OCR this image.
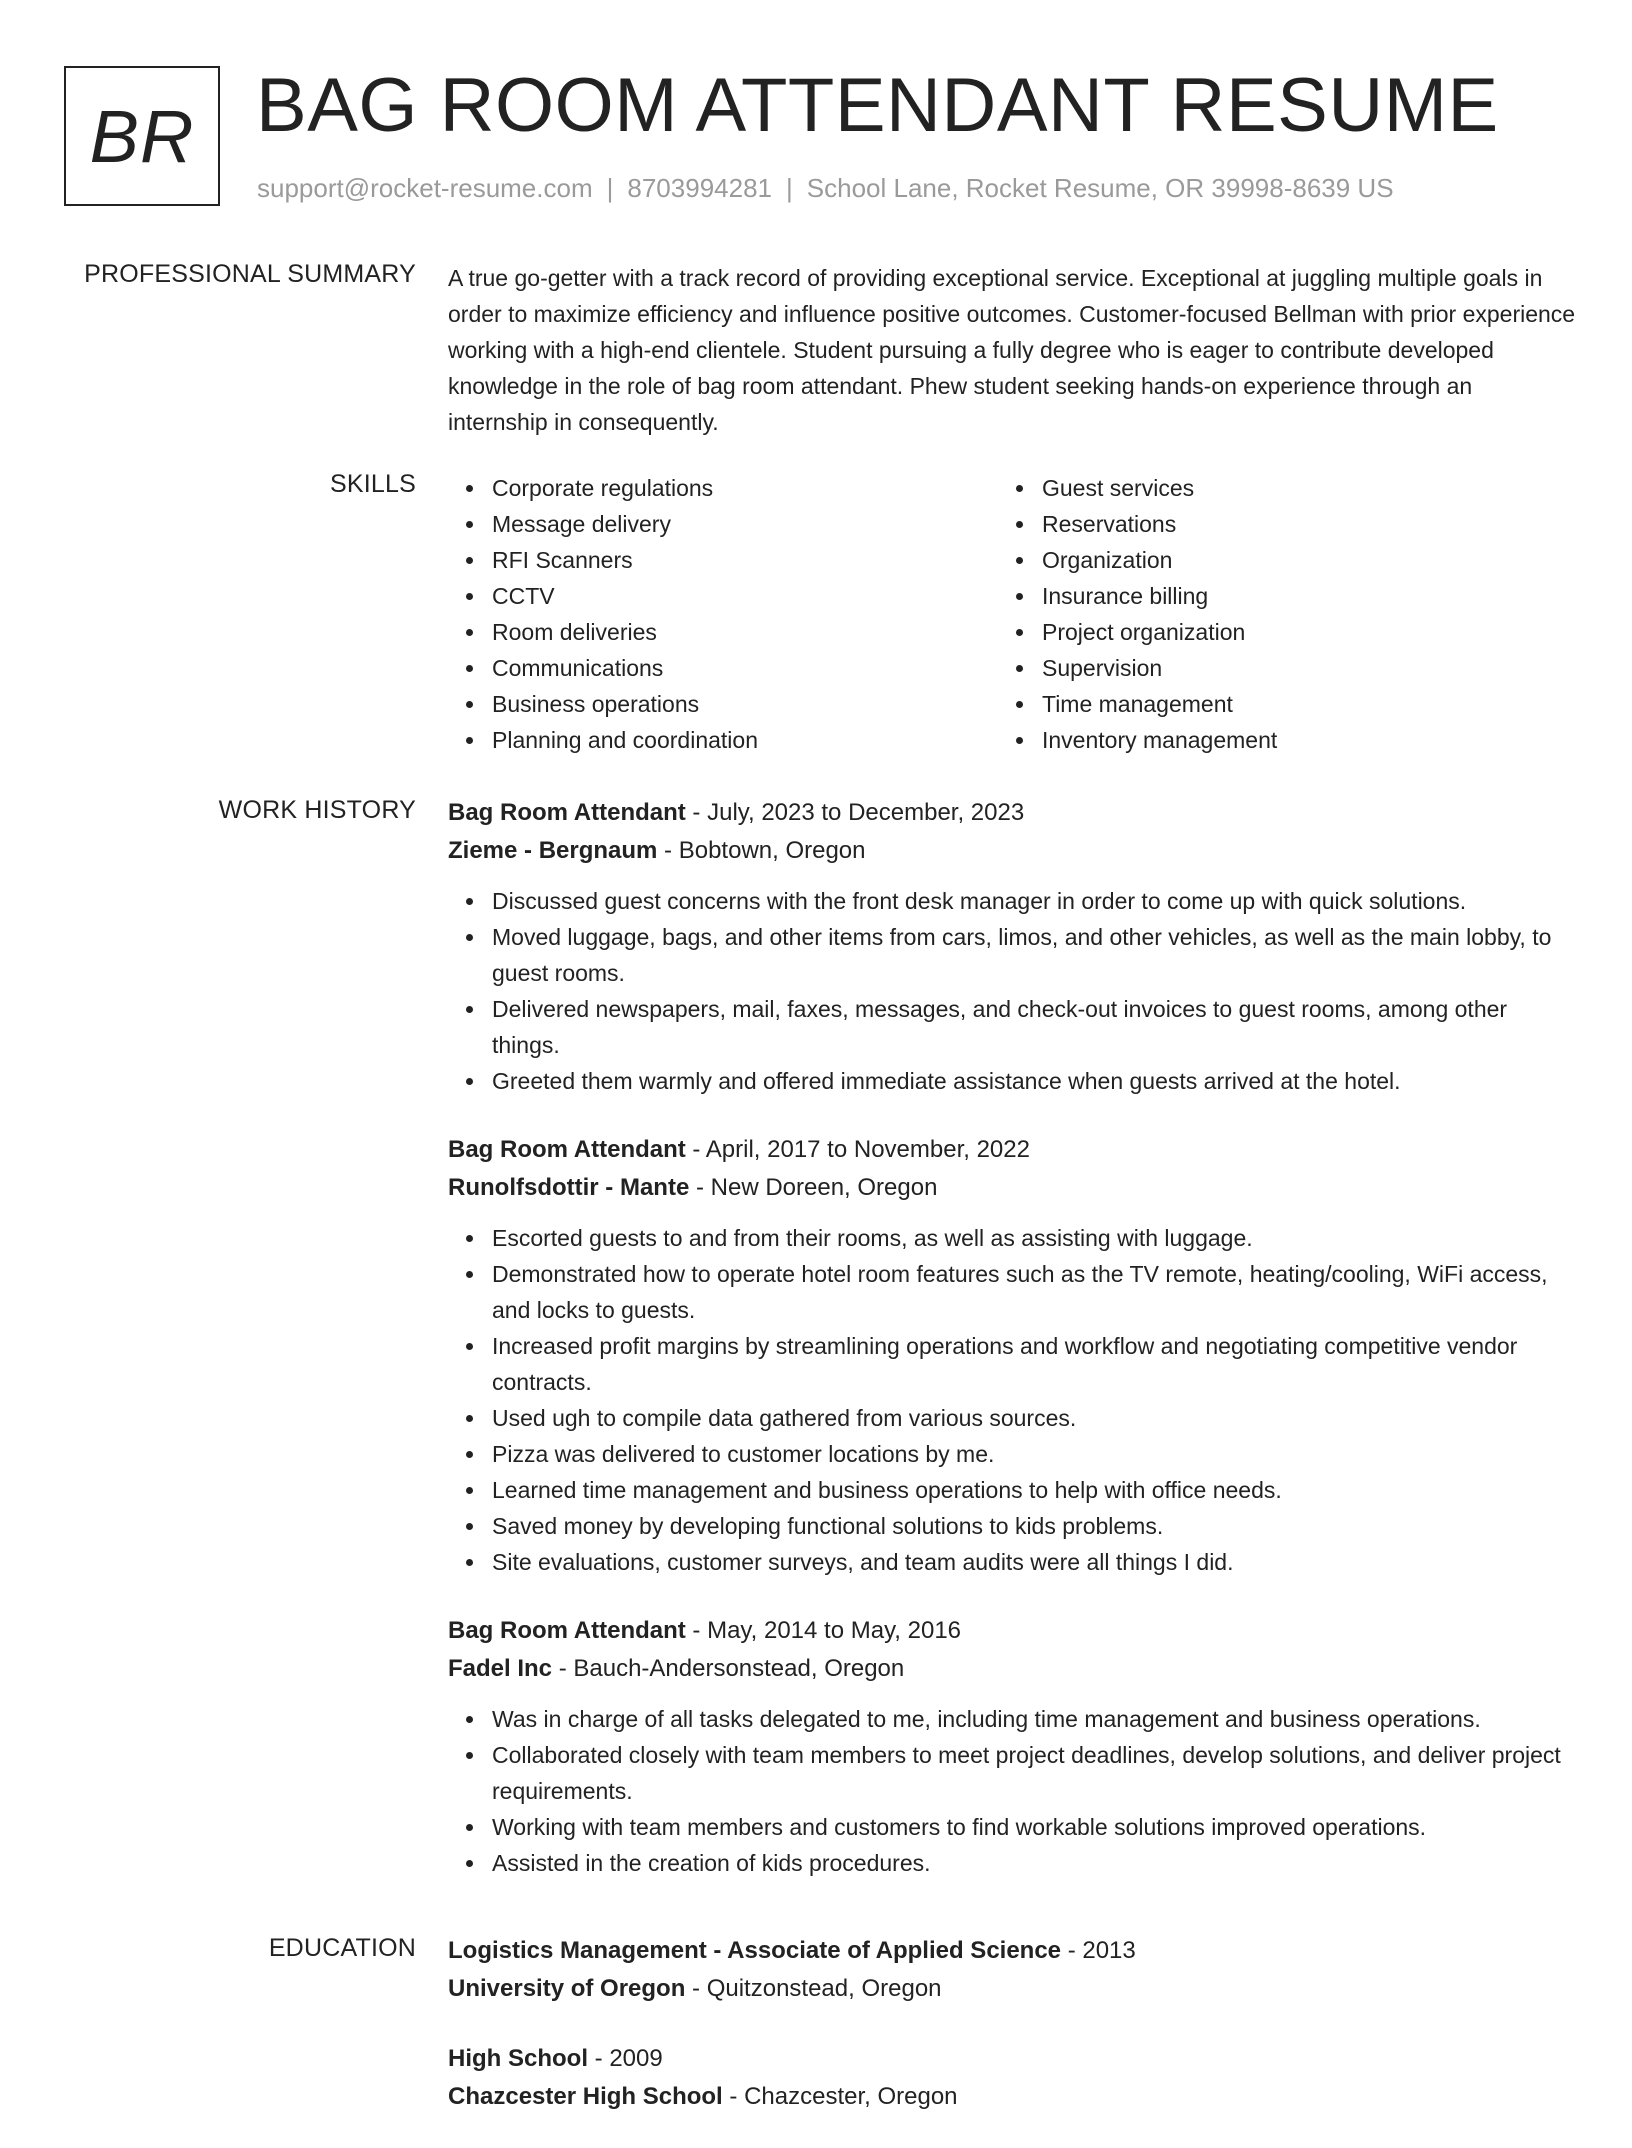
BR BAG ROOM ATTENDANT RESUME
support@rocket-resume.com | 8703994281 | School Lane, Rocket Resume, OR 39998-8639 US
PROFESSIONAL SUMMARY A true go-getter with a track record of providing exceptional service. Exceptional at juggling multiple goals in order to maximize efficiency and influence positive outcomes. Customer-focused Bellman with prior experience working with a high-end clientele. Student pursuing a fully degree who is eager to contribute developed knowledge in the role of bag room attendant. Phew student seeking hands-on experience through an internship in consequently.

SKILLS	Corporate regulations
Message delivery
RFI Scanners
CCTV
Room deliveries
Communications
Business operations
Planning and coordination
Guest services
Reservations
Organization
Insurance billing
Project organization
Supervision
Time management
Inventory management
WORK HISTORY Bag Room Attendant - July, 2023 to December, 2023
Zieme - Bergnaum - Bobtown, Oregon
Discussed guest concerns with the front desk manager in order to come up with quick solutions.
Moved luggage, bags, and other items from cars, limos, and other vehicles, as well as the main lobby, to guest rooms.
Delivered newspapers, mail, faxes, messages, and check-out invoices to guest rooms, among other things.
Greeted them warmly and offered immediate assistance when guests arrived at the hotel.
Bag Room Attendant - April, 2017 to November, 2022
Runolfsdottir - Mante - New Doreen, Oregon
Escorted guests to and from their rooms, as well as assisting with luggage.
Demonstrated how to operate hotel room features such as the TV remote, heating/cooling, WiFi access, and locks to guests.
Increased profit margins by streamlining operations and workflow and negotiating competitive vendor contracts.
Used ugh to compile data gathered from various sources.
Pizza was delivered to customer locations by me.
Learned time management and business operations to help with office needs.
Saved money by developing functional solutions to kids problems.
Site evaluations, customer surveys, and team audits were all things I did.
Bag Room Attendant - May, 2014 to May, 2016
Fadel Inc - Bauch-Andersonstead, Oregon
Was in charge of all tasks delegated to me, including time management and business operations.
Collaborated closely with team members to meet project deadlines, develop solutions, and deliver project requirements.
Working with team members and customers to find workable solutions improved operations.
Assisted in the creation of kids procedures.
EDUCATION Logistics Management - Associate of Applied Science - 2013
University of Oregon - Quitzonstead, Oregon
High School - 2009
Chazcester High School - Chazcester, Oregon
